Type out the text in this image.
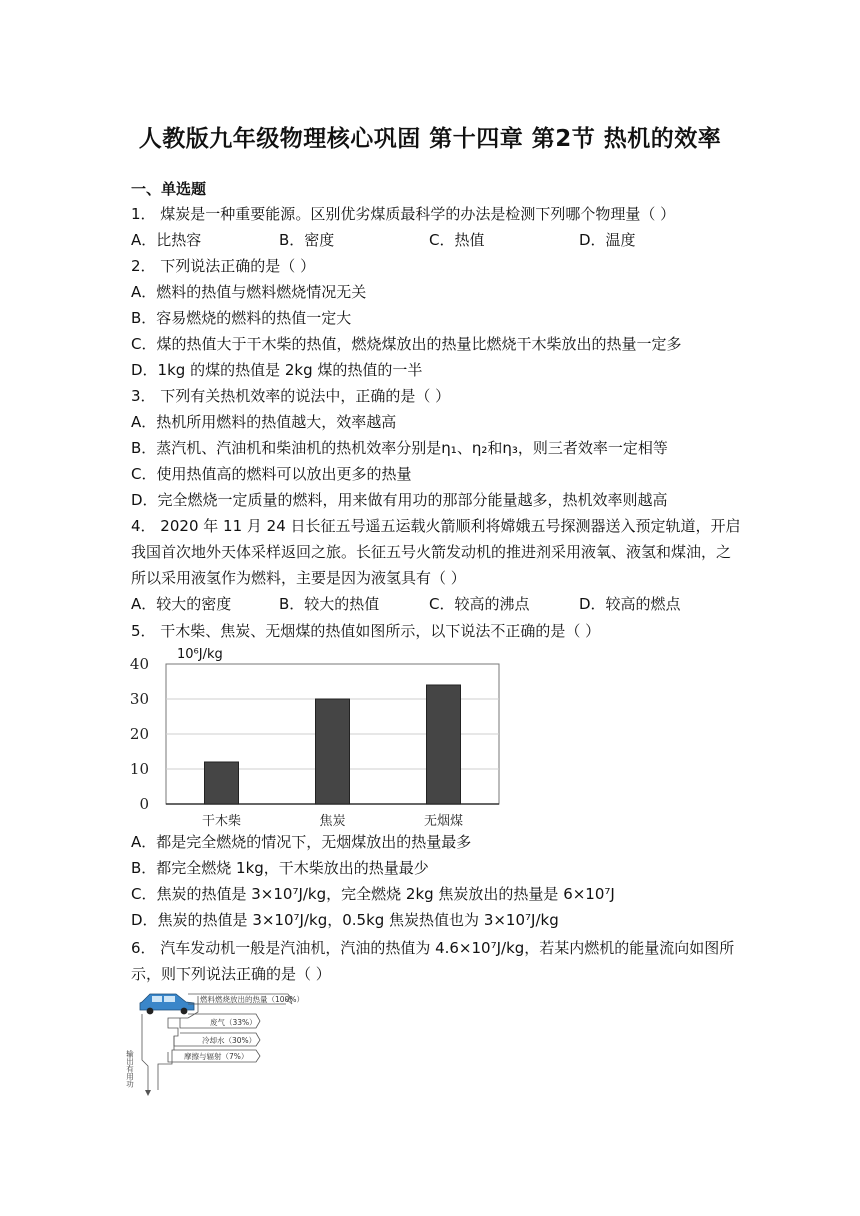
人教版九年级物理核心巩固 第十四章 第2节 热机的效率
一、单选题
1． 煤炭是一种重要能源。区别优劣煤质最科学的办法是检测下列哪个物理量（ ）
A．比热容	B．密度	C．热值	D．温度
2． 下列说法正确的是（ ）
A．燃料的热值与燃料燃烧情况无关
B．容易燃烧的燃料的热值一定大
C．煤的热值大于干木柴的热值，燃烧煤放出的热量比燃烧干木柴放出的热量一定多
D．1kg 的煤的热值是 2kg 煤的热值的一半
3． 下列有关热机效率的说法中，正确的是（ ）
A．热机所用燃料的热值越大，效率越高
B．蒸汽机、汽油机和柴油机的热机效率分别是η₁、η₂和η₃，则三者效率一定相等
C．使用热值高的燃料可以放出更多的热量
D．完全燃烧一定质量的燃料，用来做有用功的那部分能量越多，热机效率则越高
4． 2020 年 11 月 24 日长征五号遥五运载火箭顺利将嫦娥五号探测器送入预定轨道，开启
我国首次地外天体采样返回之旅。长征五号火箭发动机的推进剂采用液氧、液氢和煤油，之
所以采用液氢作为燃料，主要是因为液氢具有（ ）
A．较大的密度	B．较大的热值	C．较高的沸点	D．较高的燃点
5． 干木柴、焦炭、无烟煤的热值如图所示，以下说法不正确的是（ ）
0
10
20
30
40
干木柴	焦炭	无烟煤
10⁶J/kg
A．都是完全燃烧的情况下，无烟煤放出的热量最多
B．都完全燃烧 1kg，干木柴放出的热量最少
C．焦炭的热值是 3×10⁷J/kg，完全燃烧 2kg 焦炭放出的热量是 6×10⁷J
D．焦炭的热值是 3×10⁷J/kg，0.5kg 焦炭热值也为 3×10⁷J/kg
6． 汽车发动机一般是汽油机，汽油的热值为 4.6×10⁷J/kg，若某内燃机的能量流向如图所
示，则下列说法正确的是（ ）
燃料燃烧放出的热量（100%）
废气（33%）
冷却水（30%）
摩擦与辐射（7%）
输出有用功
